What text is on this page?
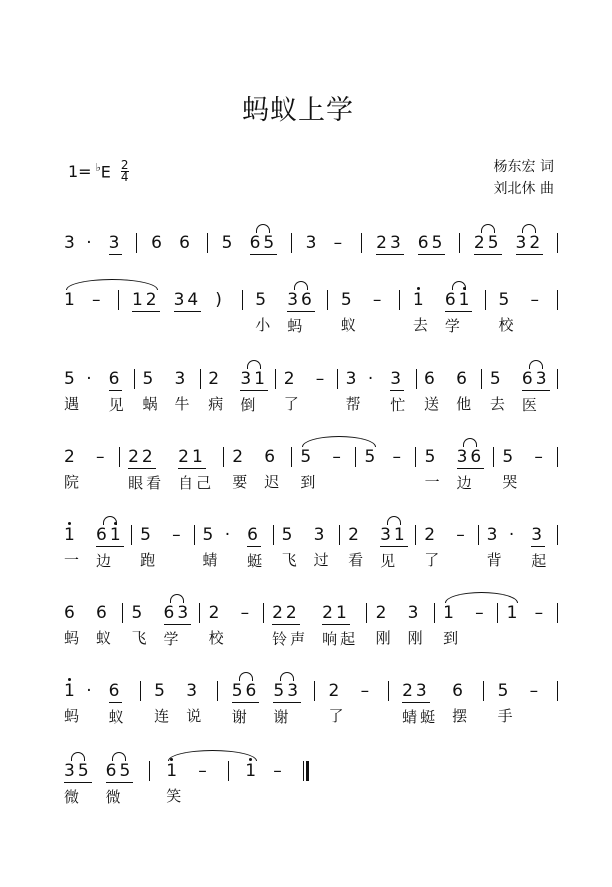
蚂蚁上学
$1= ^♭E \frac{2}{4}$	杨东宏 词
刘北休 曲
3 ·
3
6
6
5
65
3
–
23
65
25
32

1
–
12
34
)
5
小
36
蚂
5
蚁
–
1
去
61
学
5
校
–

5 ·
遇
6
见
5
蜗
3
牛
2
病
31
倒
2
了
–
3 ·
帮
3
忙
6
送
6
他
5
去
63
医
2
院
–
22
眼看
21
自己
2
要
6
迟
5
到
–
5
–
5
一
36
边
5
哭
–

1
一
61
边
5
跑
–
5 ·
蜻
6
蜓
5
飞
3
过
2
看
31
见
2
了
–
3 ·
背
3
起
6
蚂
6
蚁
5
飞
63
学
2
校
–
22
铃声
21
响起
2
刚
3
刚
1
到
–
1
–

1 ·
蚂
6
蚁
5
连
3
说
56
谢
53
谢
2
了
–
23
蜻蜓
6
摆
5
手
–

35
微
65
微
1
笑
–
1
–
